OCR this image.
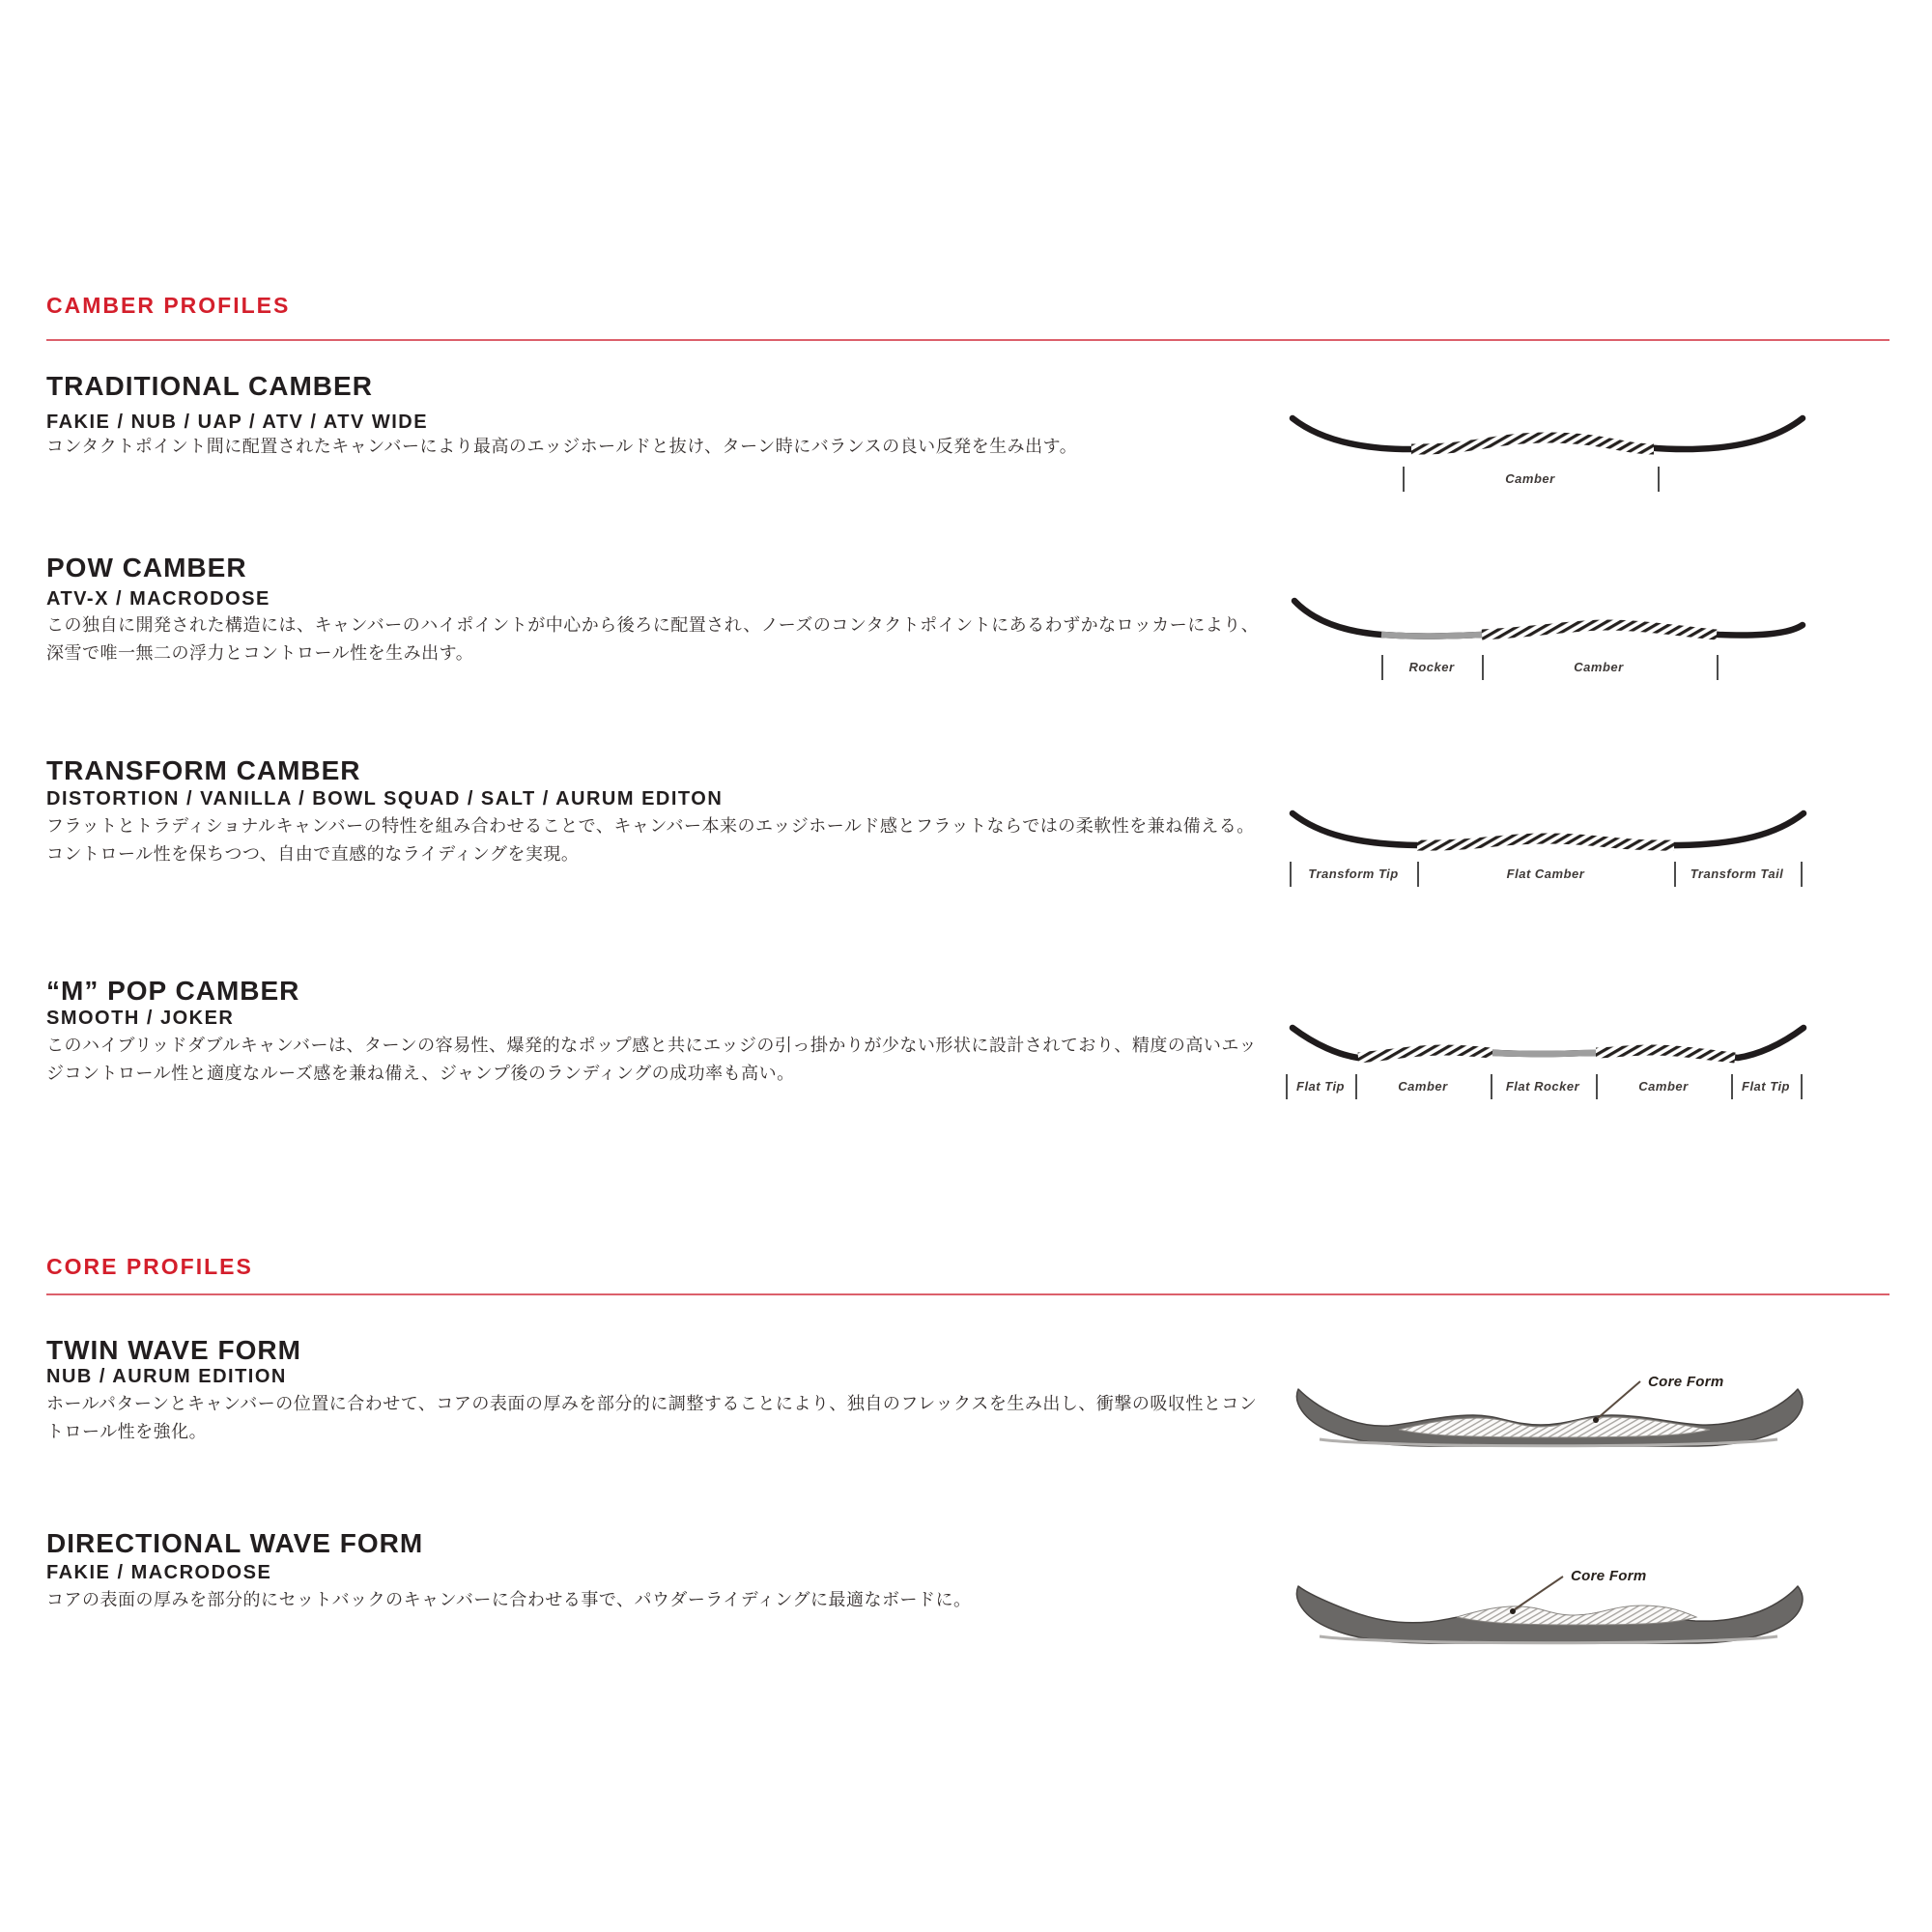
CAMBER PROFILES
TRADITIONAL CAMBER
FAKIE / NUB / UAP / ATV / ATV WIDE
コンタクトポイント間に配置されたキャンバーにより最高のエッジホールドと抜け、ターン時にバランスの良い反発を生み出す。
Camber
POW CAMBER
ATV-X / MACRODOSE
この独自に開発された構造には、キャンバーのハイポイントが中心から後ろに配置され、ノーズのコンタクトポイントにあるわずかなロッカーにより、深雪で唯一無二の浮力とコントロール性を生み出す。
Rocker	Camber
TRANSFORM CAMBER
DISTORTION / VANILLA / BOWL SQUAD / SALT / AURUM EDITON
フラットとトラディショナルキャンバーの特性を組み合わせることで、キャンバー本来のエッジホールド感とフラットならではの柔軟性を兼ね備える。コントロール性を保ちつつ、自由で直感的なライディングを実現。
Transform Tip	Flat Camber	Transform Tail
“M” POP CAMBER
SMOOTH / JOKER
このハイブリッドダブルキャンバーは、ターンの容易性、爆発的なポップ感と共にエッジの引っ掛かりが少ない形状に設計されており、精度の高いエッジコントロール性と適度なルーズ感を兼ね備え、ジャンプ後のランディングの成功率も高い。
Flat Tip	Camber	Flat Rocker	Camber	Flat Tip
CORE PROFILES
TWIN WAVE FORM
NUB / AURUM EDITION
ホールパターンとキャンバーの位置に合わせて、コアの表面の厚みを部分的に調整することにより、独自のフレックスを生み出し、衝撃の吸収性とコントロール性を強化。
Core Form
DIRECTIONAL WAVE FORM
FAKIE / MACRODOSE
コアの表面の厚みを部分的にセットバックのキャンバーに合わせる事で、パウダーライディングに最適なボードに。
Core Form
